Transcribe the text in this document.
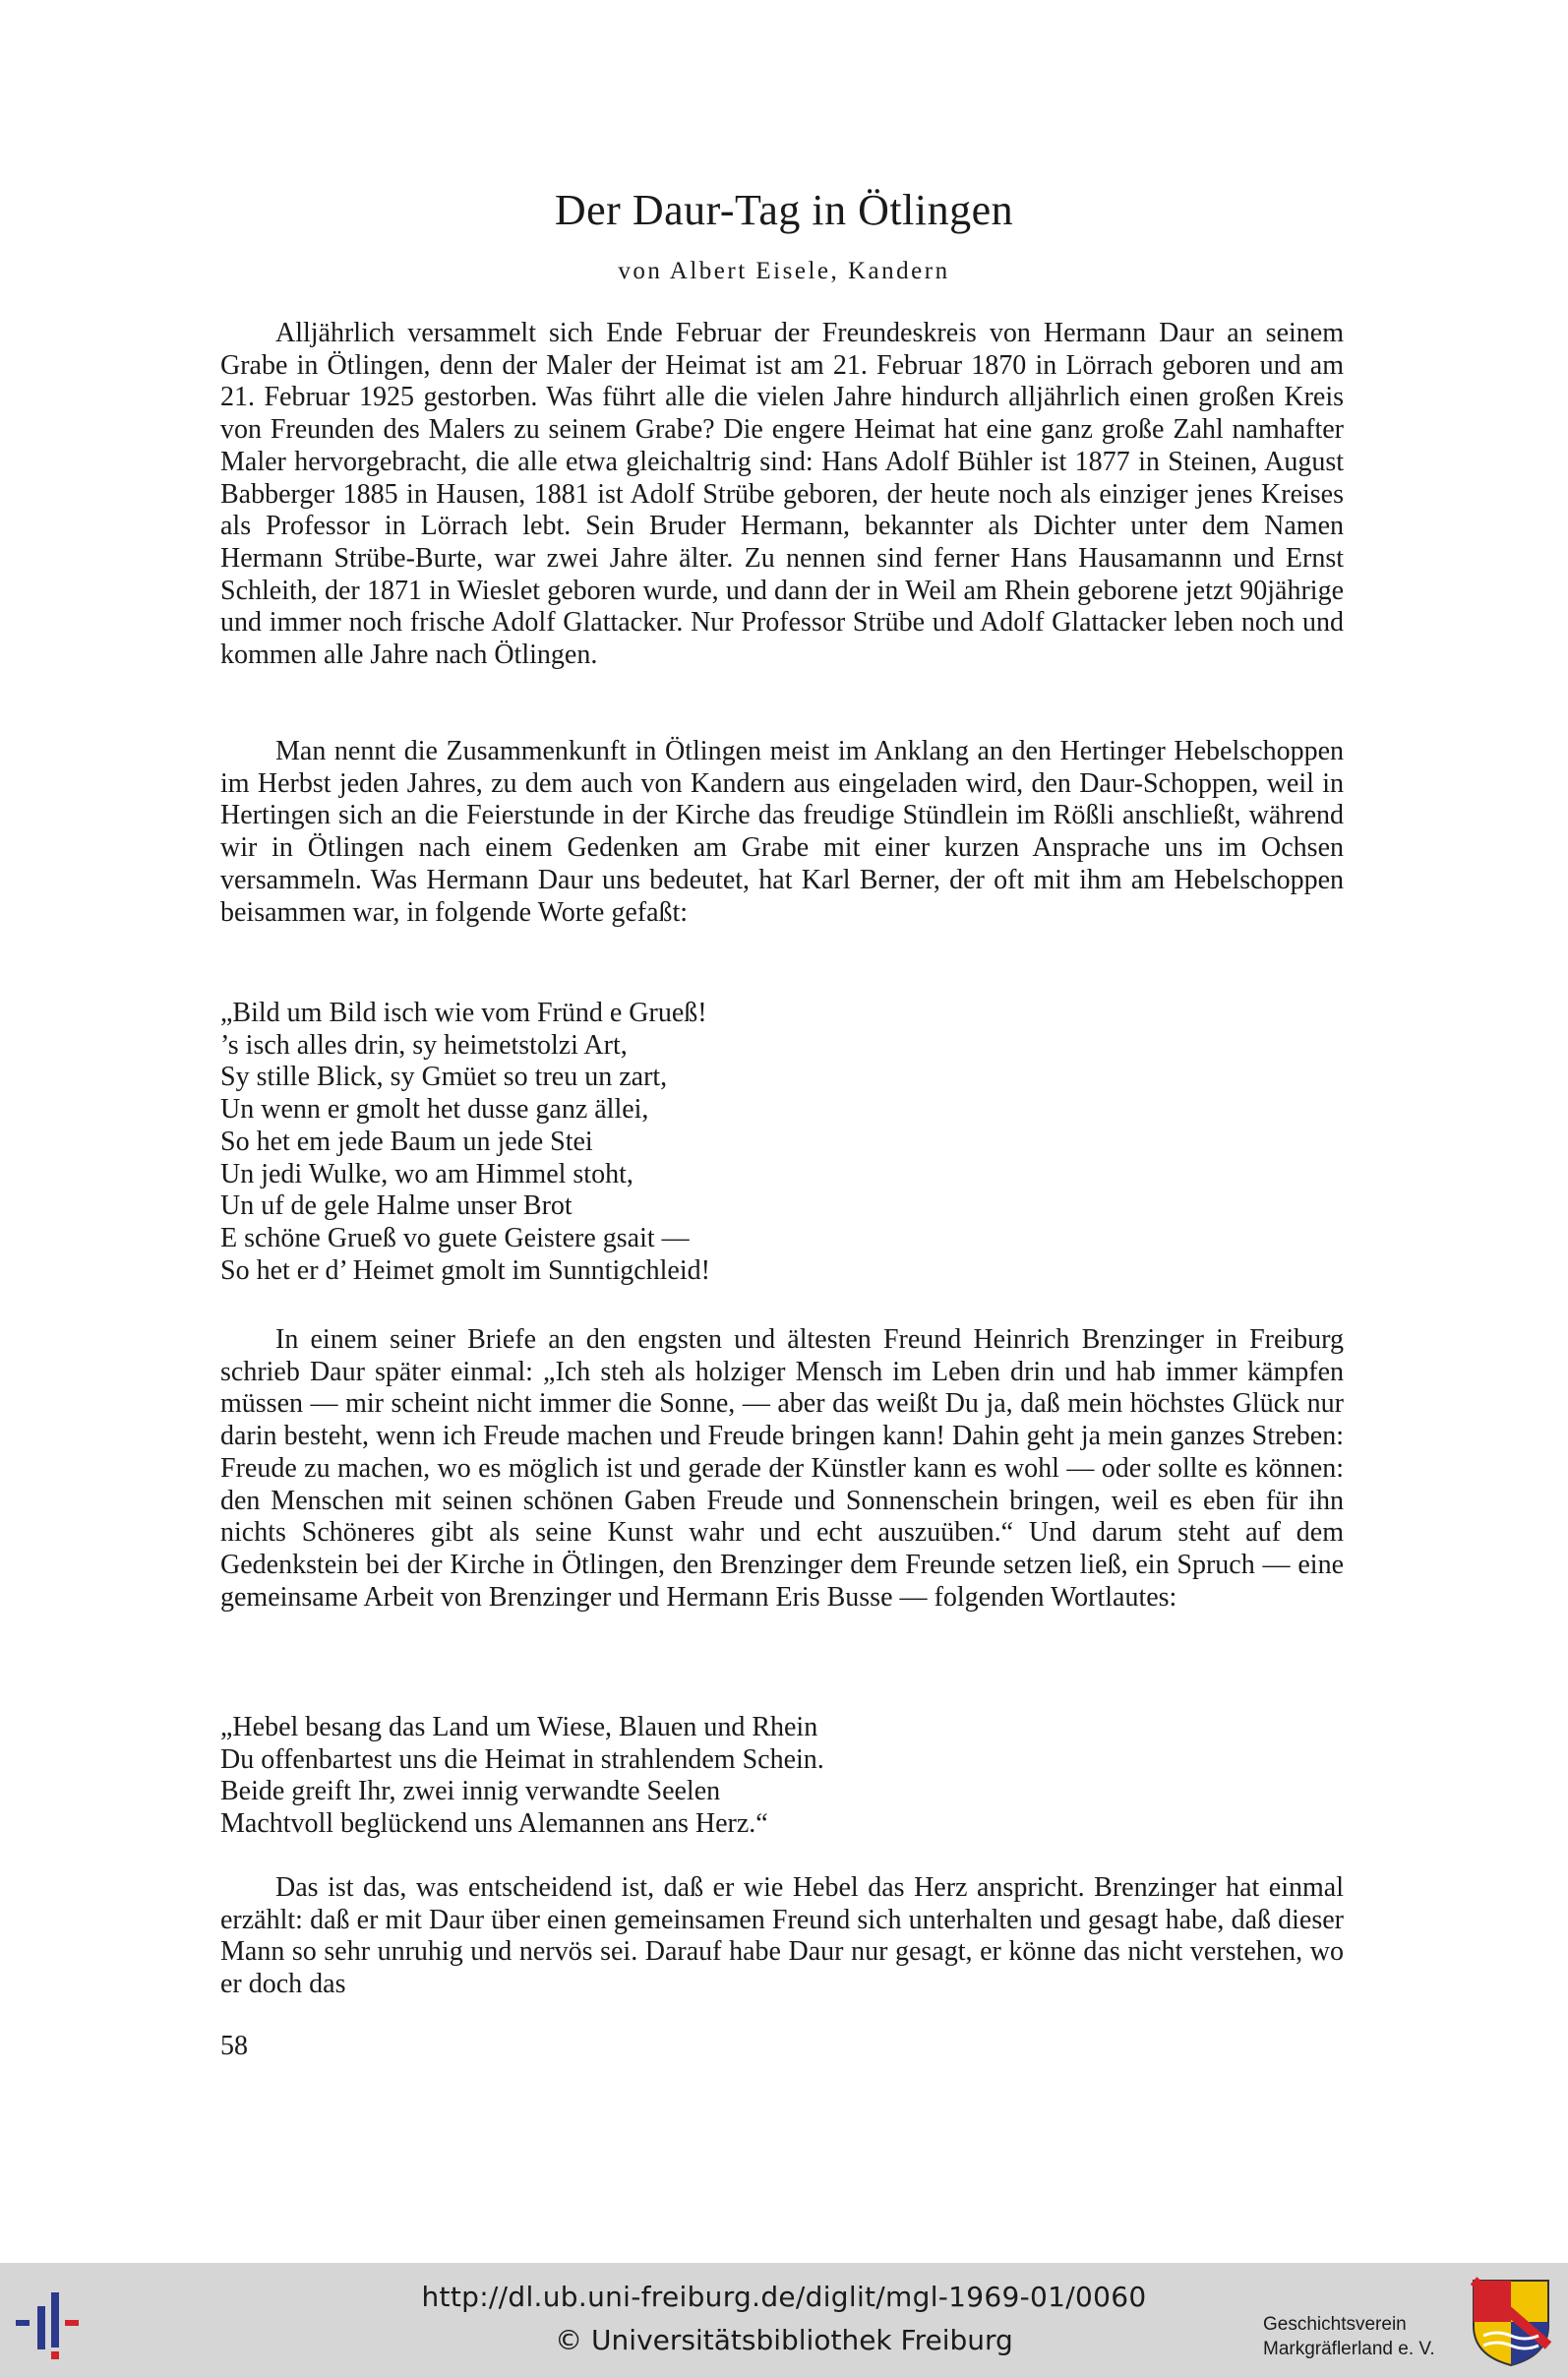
Der Daur-Tag in Ötlingen
von Albert Eisele, Kandern

Alljährlich versammelt sich Ende Februar der Freundeskreis von Hermann Daur an seinem Grabe in Ötlingen, denn der Maler der Heimat ist am 21. Februar 1870 in Lörrach geboren und am 21. Februar 1925 gestorben. Was führt alle die vielen Jahre hindurch alljährlich einen großen Kreis von Freunden des Malers zu seinem Grabe? Die engere Heimat hat eine ganz große Zahl namhafter Maler hervorgebracht, die alle etwa gleichaltrig sind: Hans Adolf Bühler ist 1877 in Steinen, August Babberger 1885 in Hausen, 1881 ist Adolf Strübe geboren, der heute noch als einziger jenes Kreises als Professor in Lörrach lebt. Sein Bruder Hermann, bekannter als Dichter unter dem Namen Hermann Strübe-Burte, war zwei Jahre älter. Zu nennen sind ferner Hans Hausamannn und Ernst Schleith, der 1871 in Wieslet geboren wurde, und dann der in Weil am Rhein geborene jetzt 90jährige und immer noch frische Adolf Glattacker. Nur Professor Strübe und Adolf Glattacker leben noch und kommen alle Jahre nach Ötlingen.

Man nennt die Zusammenkunft in Ötlingen meist im Anklang an den Hertinger Hebelschoppen im Herbst jeden Jahres, zu dem auch von Kandern aus eingeladen wird, den Daur-Schoppen, weil in Hertingen sich an die Feierstunde in der Kirche das freudige Stündlein im Rößli anschließt, während wir in Ötlingen nach einem Gedenken am Grabe mit einer kurzen Ansprache uns im Ochsen versammeln. Was Hermann Daur uns bedeutet, hat Karl Berner, der oft mit ihm am Hebelschoppen beisammen war, in folgende Worte gefaßt:

„Bild um Bild isch wie vom Fründ e Grueß!
’s isch alles drin, sy heimetstolzi Art,
Sy stille Blick, sy Gmüet so treu un zart,
Un wenn er gmolt het dusse ganz ällei,
So het em jede Baum un jede Stei
Un jedi Wulke, wo am Himmel stoht,
Un uf de gele Halme unser Brot
E schöne Grueß vo guete Geistere gsait —
So het er d’ Heimet gmolt im Sunntigchleid!

In einem seiner Briefe an den engsten und ältesten Freund Heinrich Brenzinger in Freiburg schrieb Daur später einmal: „Ich steh als holziger Mensch im Leben drin und hab immer kämpfen müssen — mir scheint nicht immer die Sonne, — aber das weißt Du ja, daß mein höchstes Glück nur darin besteht, wenn ich Freude machen und Freude bringen kann! Dahin geht ja mein ganzes Streben: Freude zu machen, wo es möglich ist und gerade der Künstler kann es wohl — oder sollte es können: den Menschen mit seinen schönen Gaben Freude und Sonnenschein bringen, weil es eben für ihn nichts Schöneres gibt als seine Kunst wahr und echt auszuüben.“ Und darum steht auf dem Gedenkstein bei der Kirche in Ötlingen, den Brenzinger dem Freunde setzen ließ, ein Spruch — eine gemeinsame Arbeit von Brenzinger und Hermann Eris Busse — folgenden Wortlautes:

„Hebel besang das Land um Wiese, Blauen und Rhein
Du offenbartest uns die Heimat in strahlendem Schein.
Beide greift Ihr, zwei innig verwandte Seelen
Machtvoll beglückend uns Alemannen ans Herz.“

Das ist das, was entscheidend ist, daß er wie Hebel das Herz anspricht. Brenzinger hat einmal erzählt: daß er mit Daur über einen gemeinsamen Freund sich unterhalten und gesagt habe, daß dieser Mann so sehr unruhig und nervös sei. Darauf habe Daur nur gesagt, er könne das nicht verstehen, wo er doch das

58
http://dl.ub.uni-freiburg.de/diglit/mgl-1969-01/0060
© Universitätsbibliothek Freiburg	Geschichtsverein
Markgräflerland e. V.
